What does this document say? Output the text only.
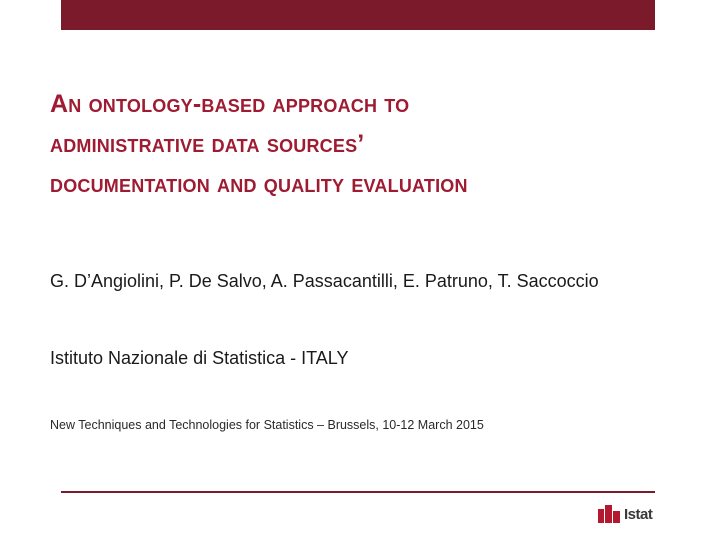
An ontology-based approach to
administrative data sources’
documentation and quality evaluation

G. D’Angiolini, P. De Salvo, A. Passacantilli, E. Patruno, T. Saccoccio

Istituto Nazionale di Statistica - ITALY

New Techniques and Technologies for Statistics – Brussels, 10-12 March 2015

Istat
